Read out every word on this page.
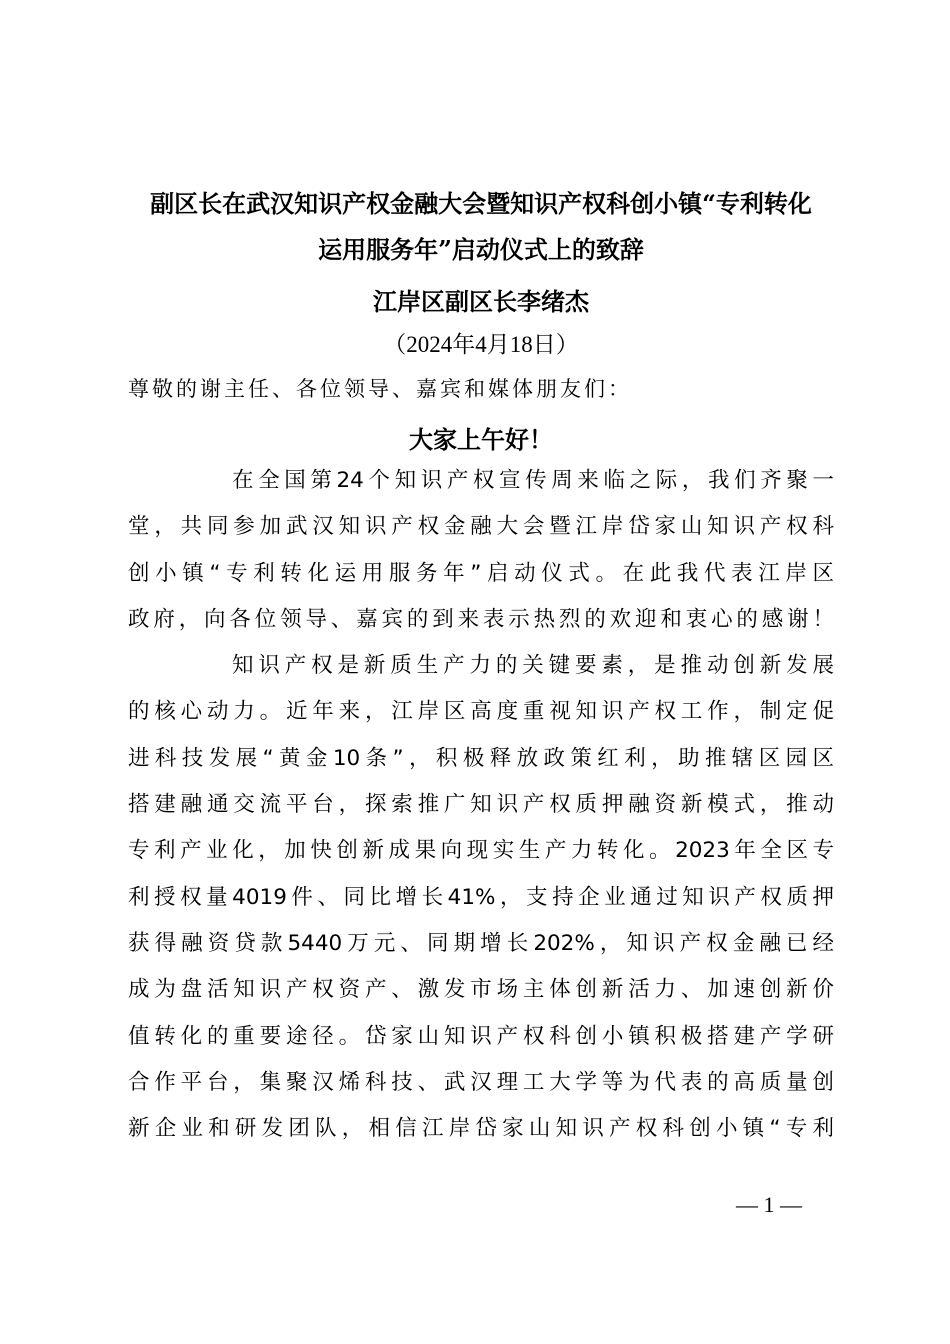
副区长在武汉知识产权金融大会暨知识产权科创小镇“专利转化
运用服务年”启动仪式上的致辞
江岸区副区长李绪杰
（2024年4月18日）
尊敬的谢主任、各位领导、嘉宾和媒体朋友们：
大家上午好！
在全国第24个知识产权宣传周来临之际，我们齐聚一
堂，共同参加武汉知识产权金融大会暨江岸岱家山知识产权科
创小镇“专利转化运用服务年”启动仪式。在此我代表江岸区
政府，向各位领导、嘉宾的到来表示热烈的欢迎和衷心的感谢！
知识产权是新质生产力的关键要素，是推动创新发展
的核心动力。近年来，江岸区高度重视知识产权工作，制定促
进科技发展“黄金10条”，积极释放政策红利，助推辖区园区
搭建融通交流平台，探索推广知识产权质押融资新模式，推动
专利产业化，加快创新成果向现实生产力转化。2023年全区专
利授权量4019件、同比增长41%，支持企业通过知识产权质押
获得融资贷款5440万元、同期增长202%，知识产权金融已经
成为盘活知识产权资产、激发市场主体创新活力、加速创新价
值转化的重要途径。岱家山知识产权科创小镇积极搭建产学研
合作平台，集聚汉烯科技、武汉理工大学等为代表的高质量创
新企业和研发团队，相信江岸岱家山知识产权科创小镇“专利
— 1 —
